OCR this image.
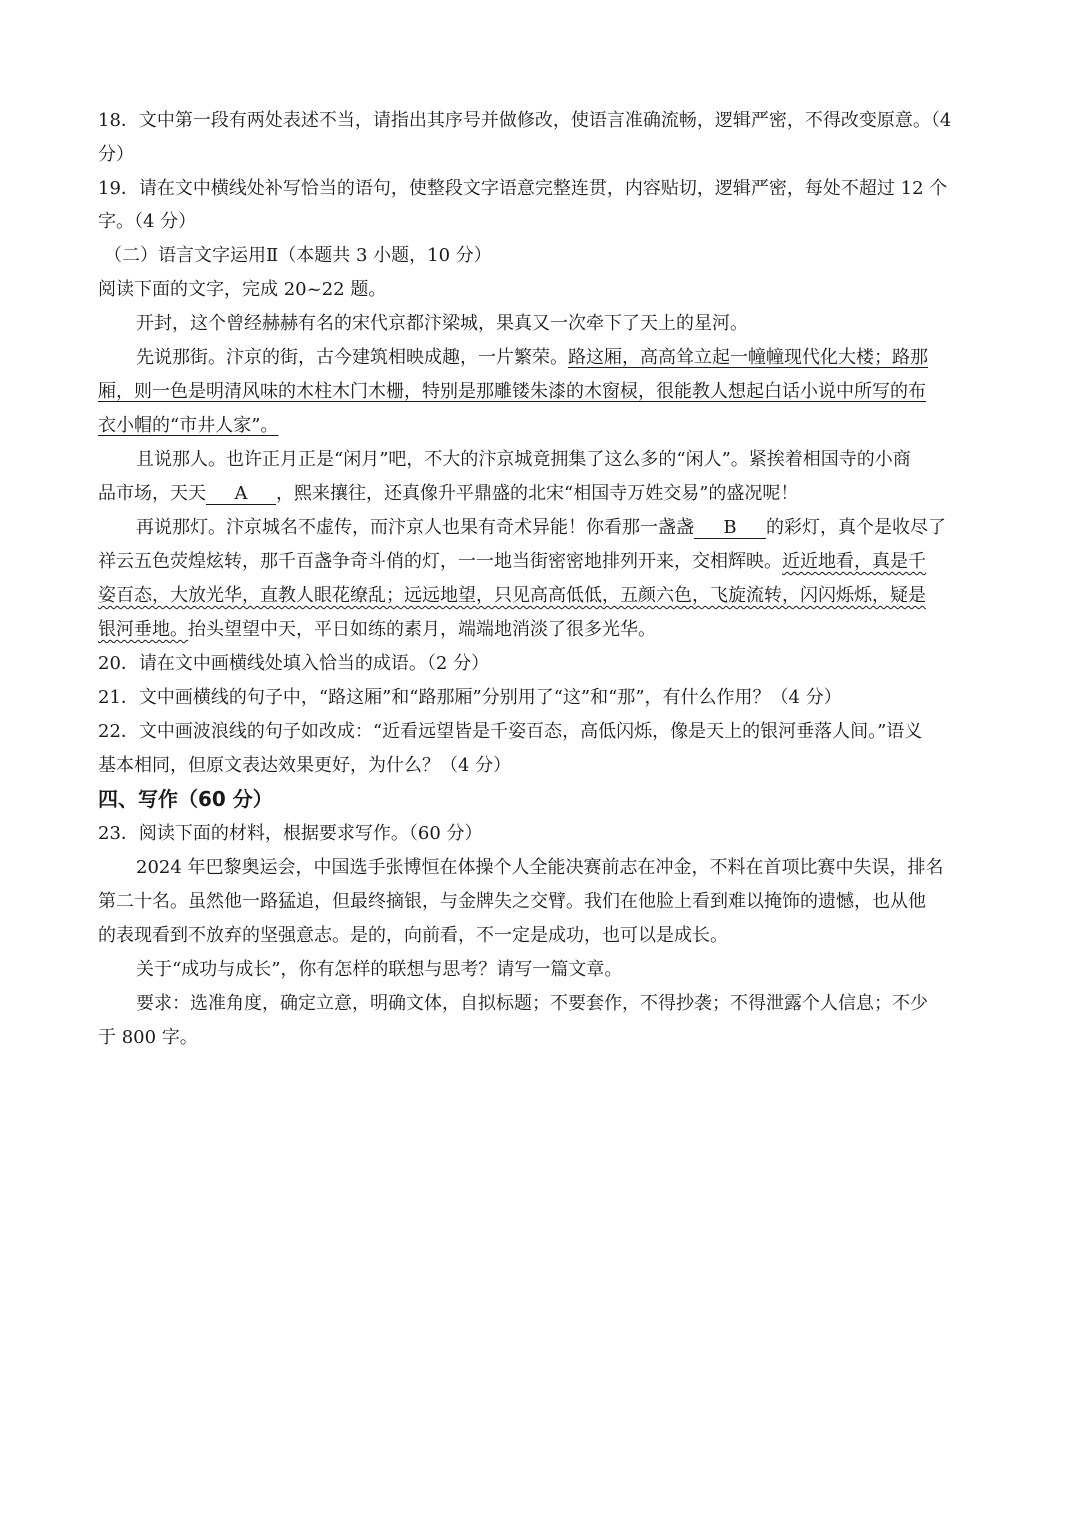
18．文中第一段有两处表述不当，请指出其序号并做修改，使语言准确流畅，逻辑严密，不得改变原意。（4
分）
19．请在文中横线处补写恰当的语句，使整段文字语意完整连贯，内容贴切，逻辑严密，每处不超过 12 个
字。（4 分）
（二）语言文字运用Ⅱ（本题共 3 小题，10 分）
阅读下面的文字，完成 20~22 题。
开封，这个曾经赫赫有名的宋代京都汴梁城，果真又一次牵下了天上的星河。
先说那街。汴京的街，古今建筑相映成趣，一片繁荣。路这厢，高高耸立起一幢幢现代化大楼；路那
厢，则一色是明清风味的木柱木门木栅，特别是那雕镂朱漆的木窗棂，很能教人想起白话小说中所写的布
衣小帽的“市井人家”。
且说那人。也许正月正是“闲月”吧，不大的汴京城竟拥集了这么多的“闲人”。紧挨着相国寺的小商
品市场，天天 A ，熙来攘往，还真像升平鼎盛的北宋“相国寺万姓交易”的盛况呢！
再说那灯。汴京城名不虚传，而汴京人也果有奇术异能！你看那一盏盏 B 的彩灯，真个是收尽了
祥云五色荧煌炫转，那千百盏争奇斗俏的灯，一一地当街密密地排列开来，交相辉映。近近地看，真是千
姿百态，大放光华，直教人眼花缭乱；远远地望，只见高高低低，五颜六色，飞旋流转，闪闪烁烁，疑是
银河垂地。抬头望望中天，平日如练的素月，端端地消淡了很多光华。
20．请在文中画横线处填入恰当的成语。（2 分）
21．文中画横线的句子中，“路这厢”和“路那厢”分别用了“这”和“那”，有什么作用？（4 分）
22．文中画波浪线的句子如改成：“近看远望皆是千姿百态，高低闪烁，像是天上的银河垂落人间。”语义
基本相同，但原文表达效果更好，为什么？（4 分）
四、写作（60 分）
23．阅读下面的材料，根据要求写作。（60 分）
2024 年巴黎奥运会，中国选手张博恒在体操个人全能决赛前志在冲金，不料在首项比赛中失误，排名
第二十名。虽然他一路猛追，但最终摘银，与金牌失之交臂。我们在他脸上看到难以掩饰的遗憾，也从他
的表现看到不放弃的坚强意志。是的，向前看，不一定是成功，也可以是成长。
关于“成功与成长”，你有怎样的联想与思考？请写一篇文章。
要求：选准角度，确定立意，明确文体，自拟标题；不要套作，不得抄袭；不得泄露个人信息；不少
于 800 字。
